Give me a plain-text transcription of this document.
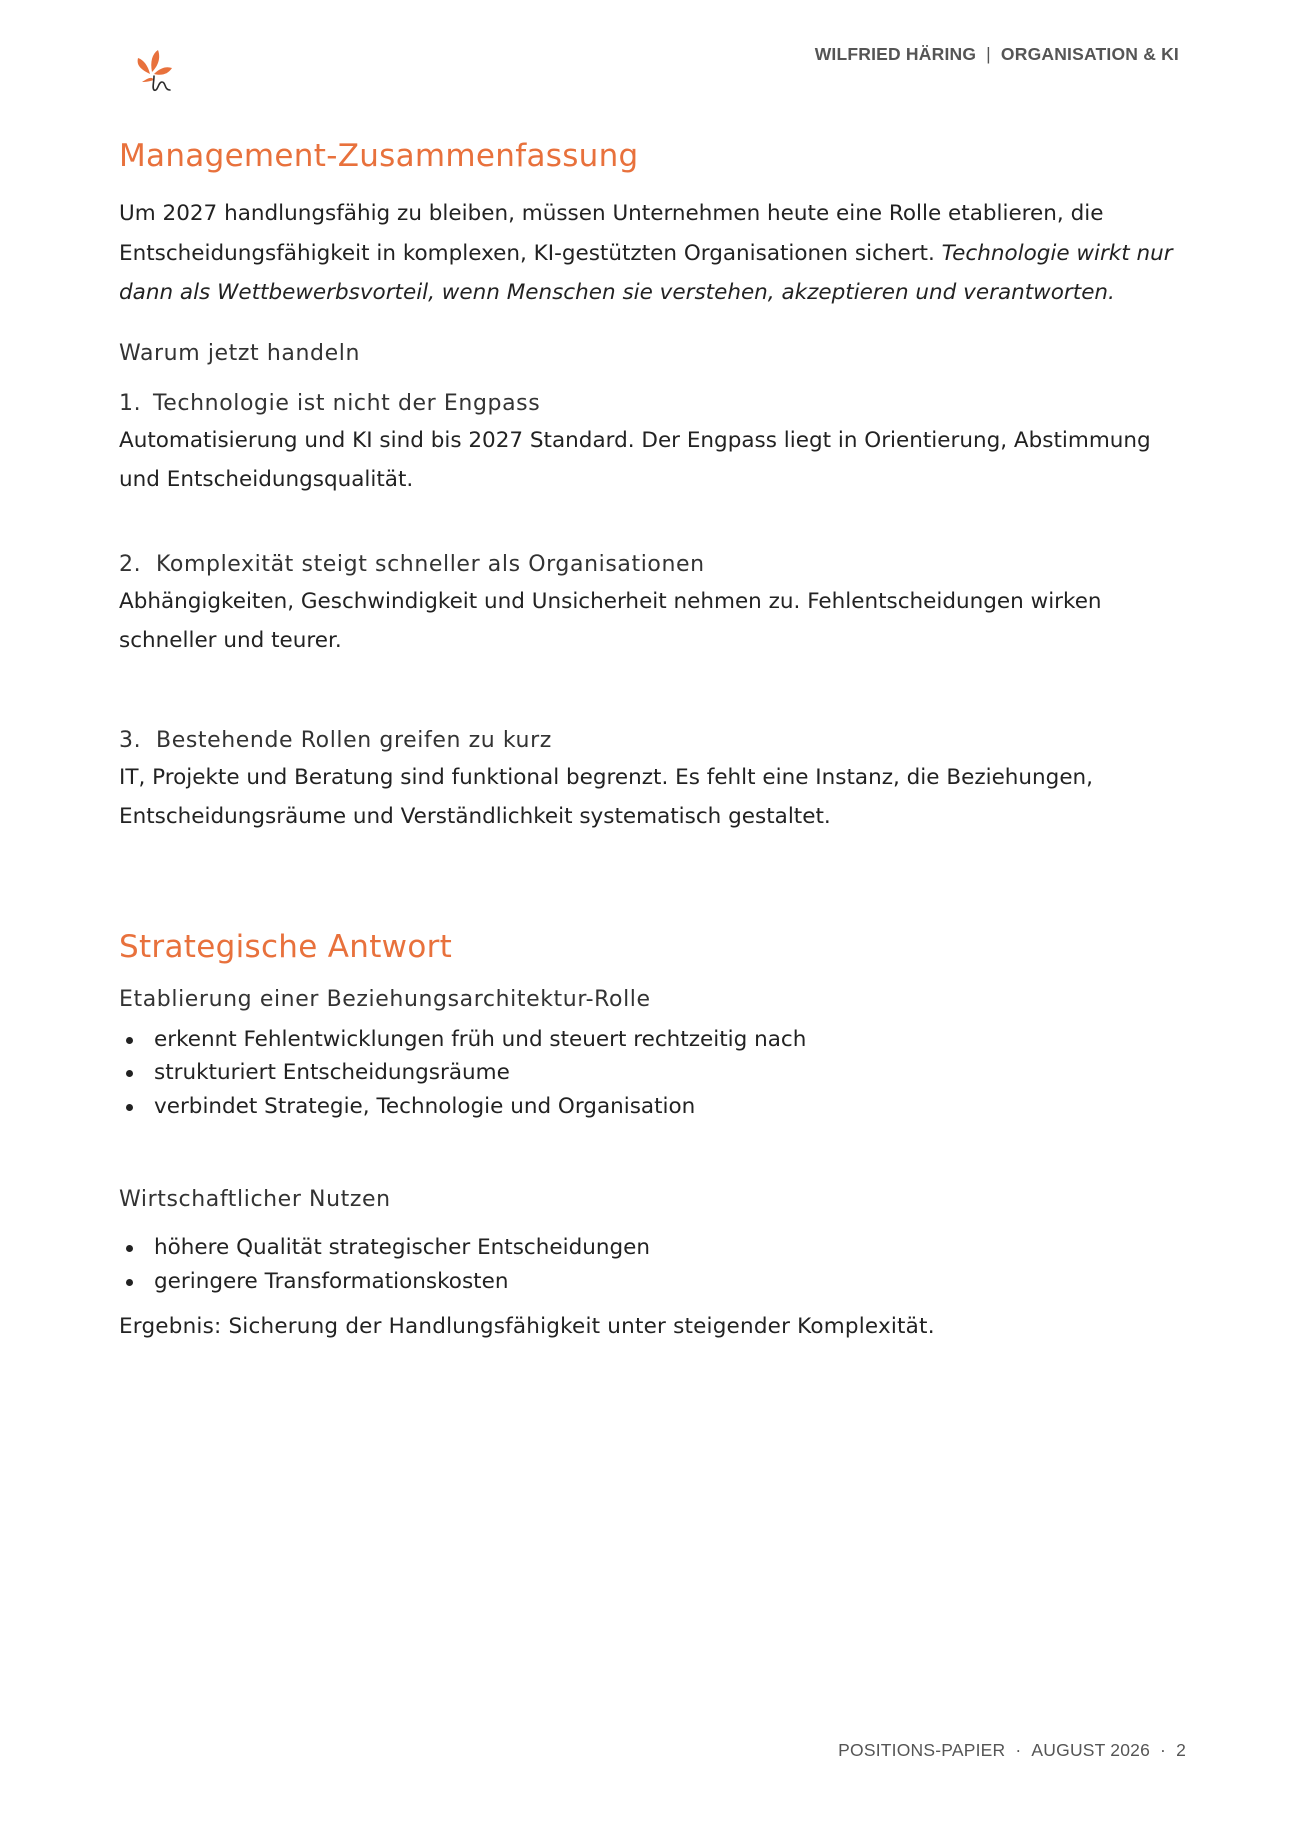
WILFRIED HÄRING | ORGANISATION & KI
Management-Zusammenfassung

Um 2027 handlungsfähig zu bleiben, müssen Unternehmen heute eine Rolle etablieren, die Entscheidungsfähigkeit in komplexen, KI-gestützten Organisationen sichert. Technologie wirkt nur dann als Wettbewerbsvorteil, wenn Menschen sie verstehen, akzeptieren und verantworten.

Warum jetzt handeln

1. Technologie ist nicht der Engpass

Automatisierung und KI sind bis 2027 Standard. Der Engpass liegt in Orientierung, Abstimmung und Entscheidungsqualität.

2. Komplexität steigt schneller als Organisationen

Abhängigkeiten, Geschwindigkeit und Unsicherheit nehmen zu. Fehlentscheidungen wirken schneller und teurer.

3. Bestehende Rollen greifen zu kurz

IT, Projekte und Beratung sind funktional begrenzt. Es fehlt eine Instanz, die Beziehungen, Entscheidungsräume und Verständlichkeit systematisch gestaltet.

Strategische Antwort

Etablierung einer Beziehungsarchitektur-Rolle

erkennt Fehlentwicklungen früh und steuert rechtzeitig nach
strukturiert Entscheidungsräume
verbindet Strategie, Technologie und Organisation

Wirtschaftlicher Nutzen

höhere Qualität strategischer Entscheidungen
geringere Transformationskosten

Ergebnis: Sicherung der Handlungsfähigkeit unter steigender Komplexität.

POSITIONS-PAPIER · AUGUST 2026 · 2
